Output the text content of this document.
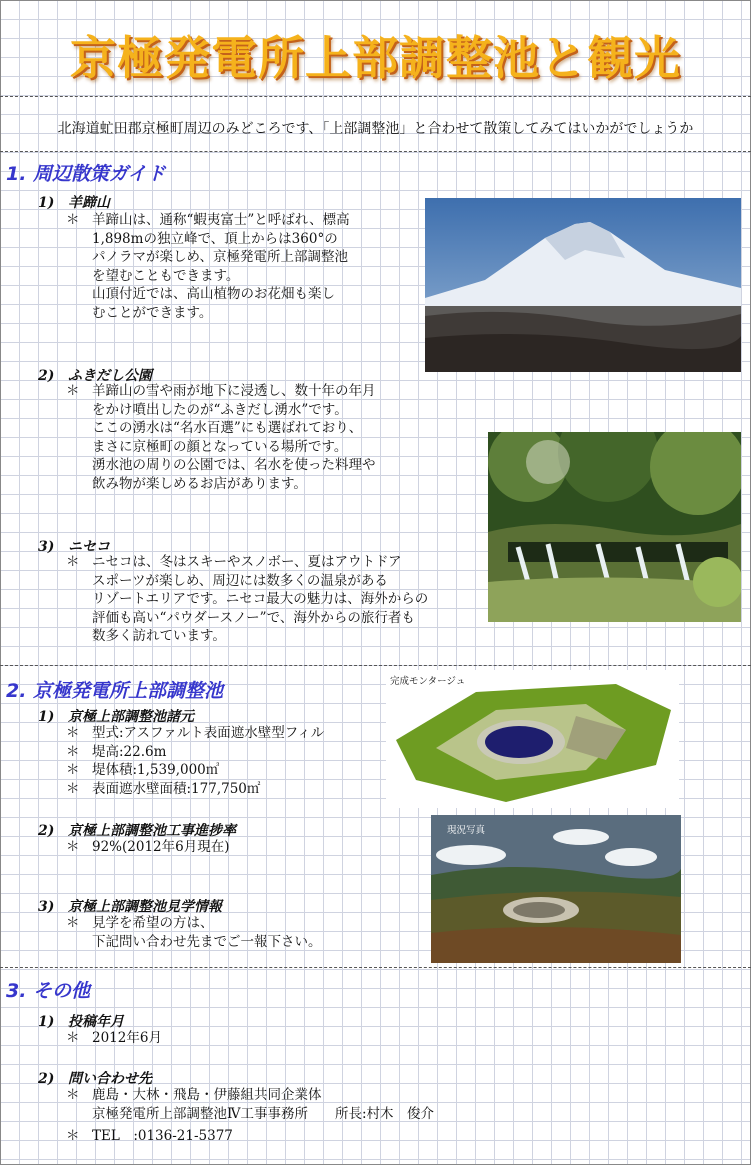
京極発電所上部調整池と観光
北海道虻田郡京極町周辺のみどころです、「上部調整池」と合わせて散策してみてはいかがでしょうか
1. 周辺散策ガイド
1) 羊蹄山
＊ 羊蹄山は、通称“蝦夷富士”と呼ばれ、標高
1,898mの独立峰で、頂上からは360°の
パノラマが楽しめ、京極発電所上部調整池
を望むこともできます。
山頂付近では、高山植物のお花畑も楽し
むことができます。
2) ふきだし公園
＊ 羊蹄山の雪や雨が地下に浸透し、数十年の年月
をかけ噴出したのが“ふきだし湧水”です。
ここの湧水は“名水百選”にも選ばれており、
まさに京極町の顔となっている場所です。
湧水池の周りの公園では、名水を使った料理や
飲み物が楽しめるお店があります。
3) ニセコ
＊ ニセコは、冬はスキーやスノボー、夏はアウトドア
スポーツが楽しめ、周辺には数多くの温泉がある
リゾートエリアです。ニセコ最大の魅力は、海外からの
評価も高い“パウダースノー”で、海外からの旅行者も
数多く訪れています。
2. 京極発電所上部調整池
1) 京極上部調整池諸元
＊ 型式:アスファルト表面遮水壁型フィル
＊ 堤高:22.6m
＊ 堤体積:1,539,000㎥
＊ 表面遮水壁面積:177,750㎡
完成モンタージュ
2) 京極上部調整池工事進捗率
＊ 92%(2012年6月現在)
現況写真
3) 京極上部調整池見学情報
＊ 見学を希望の方は、
下記問い合わせ先までご一報下さい。
3. その他
1) 投稿年月
＊ 2012年6月
2) 問い合わせ先
＊ 鹿島・大林・飛島・伊藤組共同企業体
京極発電所上部調整池Ⅳ工事事務所　　所長:村木　俊介
＊ TEL　:0136-21-5377
